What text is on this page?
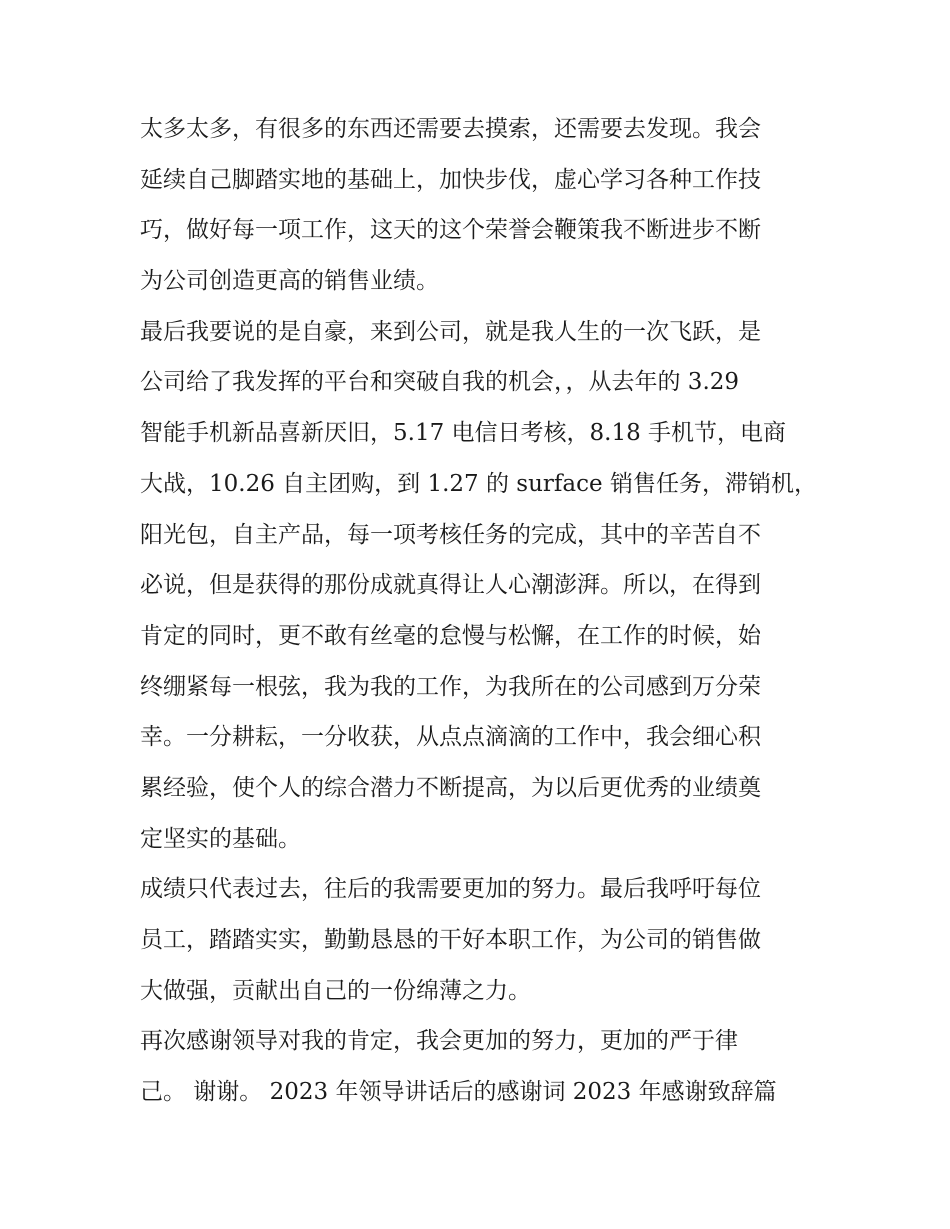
太多太多，有很多的东西还需要去摸索，还需要去发现。我会
延续自己脚踏实地的基础上，加快步伐，虚心学习各种工作技
巧，做好每一项工作，这天的这个荣誉会鞭策我不断进步不断
为公司创造更高的销售业绩。
最后我要说的是自豪，来到公司，就是我人生的一次飞跃，是
公司给了我发挥的平台和突破自我的机会，，从去年的 3.29
智能手机新品喜新厌旧，5.17 电信日考核，8.18 手机节，电商
大战，10.26 自主团购，到 1.27 的 surface 销售任务，滞销机，
阳光包，自主产品，每一项考核任务的完成，其中的辛苦自不
必说，但是获得的那份成就真得让人心潮澎湃。所以，在得到
肯定的同时，更不敢有丝毫的怠慢与松懈，在工作的时候，始
终绷紧每一根弦，我为我的工作，为我所在的公司感到万分荣
幸。一分耕耘，一分收获，从点点滴滴的工作中，我会细心积
累经验，使个人的综合潜力不断提高，为以后更优秀的业绩奠
定坚实的基础。
成绩只代表过去，往后的我需要更加的努力。最后我呼吁每位
员工，踏踏实实，勤勤恳恳的干好本职工作，为公司的销售做
大做强，贡献出自己的一份绵薄之力。
再次感谢领导对我的肯定，我会更加的努力，更加的严于律
己。 谢谢。 2023 年领导讲话后的感谢词 2023 年感谢致辞篇
